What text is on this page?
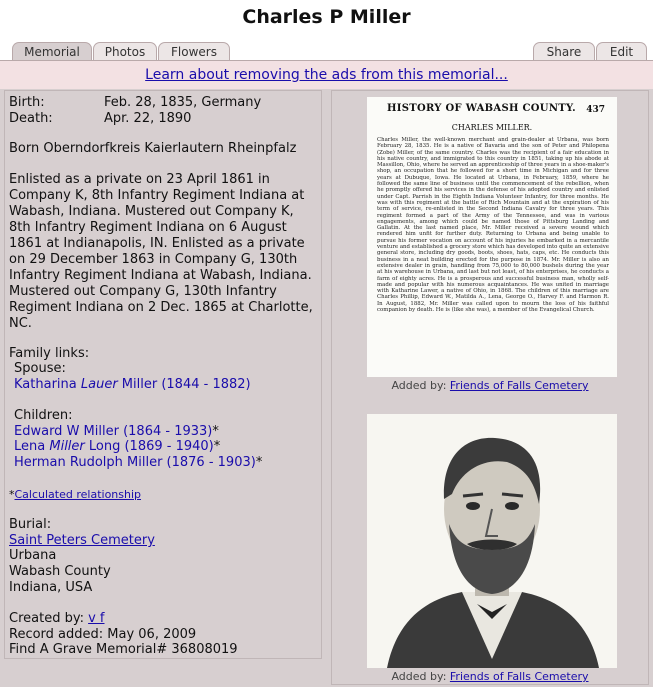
Charles P Miller
Memorial	Photos	Flowers	Share	Edit
Learn about removing the ads from this memorial...
Birth:	Feb. 28, 1835, Germany
Death:	Apr. 22, 1890
Born Oberndorfkreis Kaierlautern Rheinpfalz
Enlisted as a private on 23 April 1861 in Company K, 8th Infantry Regiment Indiana at Wabash, Indiana. Mustered out Company K, 8th Infantry Regiment Indiana on 6 August 1861 at Indianapolis, IN. Enlisted as a private on 29 December 1863 in Company G, 130th Infantry Regiment Indiana at Wabash, Indiana. Mustered out Company G, 130th Infantry Regiment Indiana on 2 Dec. 1865 at Charlotte, NC.
Family links:
Spouse:
Katharina Lauer Miller (1844 - 1882)
Children:
Edward W Miller (1864 - 1933)*
Lena Miller Long (1869 - 1940)*
Herman Rudolph Miller (1876 - 1903)*
*Calculated relationship
Burial:
Saint Peters Cemetery
Urbana
Wabash County
Indiana, USA
Created by: v f
Record added: May 06, 2009
Find A Grave Memorial# 36808019
HISTORY OF WABASH COUNTY. 437
CHARLES MILLER.
Charles Miller, the well-known merchant and grain-dealer at Urbana, was born February 28, 1835. He is a native of Bavaria and the son of Peter and Philopena (Zobe) Miller, of the same country. Charles was the recipient of a fair education in his native country, and immigrated to this country in 1851, taking up his abode at Massillon, Ohio, where he served an apprenticeship of three years in a shoe-maker's shop, an occupation that he followed for a short time in Michigan and for three years at Dubuque, Iowa. He located at Urbana, in February, 1859, where he followed the same line of business until the commencement of the rebellion, when he promptly offered his services in the defense of his adopted country and enlisted under Capt. Parrish in the Eighth Indiana Volunteer Infantry, for three months. He was with this regiment at the battle of Rich Mountain and at the expiration of his term of service, re-enlisted in the Second Indiana Cavalry for three years. This regiment formed a part of the Army of the Tennessee, and was in various engagements, among which could be named those of Pittsburg Landing and Gallatin. At the last named place, Mr. Miller received a severe wound which rendered him unfit for further duty. Returning to Urbana and being unable to pursue his former vocation on account of his injuries he embarked in a mercantile venture and established a grocery store which has developed into quite an extensive general store, including dry goods, boots, shoes, hats, caps, etc. He conducts this business in a neat building erected for the purpose in 1874. Mr. Miller is also an extensive dealer in grain, handling from 75,000 to 80,000 bushels during the year at his warehouse in Urbana, and last but not least, of his enterprises, he conducts a farm of eighty acres. He is a prosperous and successful business man, wholly self-made and popular with his numerous acquaintances. He was united in marriage with Katharine Lawer, a native of Ohio, in 1868. The children of this marriage are Charles Phillip, Edward W., Matilda A., Lena, George O., Harvey F. and Harmon R. In August, 1882, Mr. Miller was called upon to mourn the loss of his faithful companion by death. He is (like she was), a member of the Evangelical Church.
Added by: Friends of Falls Cemetery
Added by: Friends of Falls Cemetery
